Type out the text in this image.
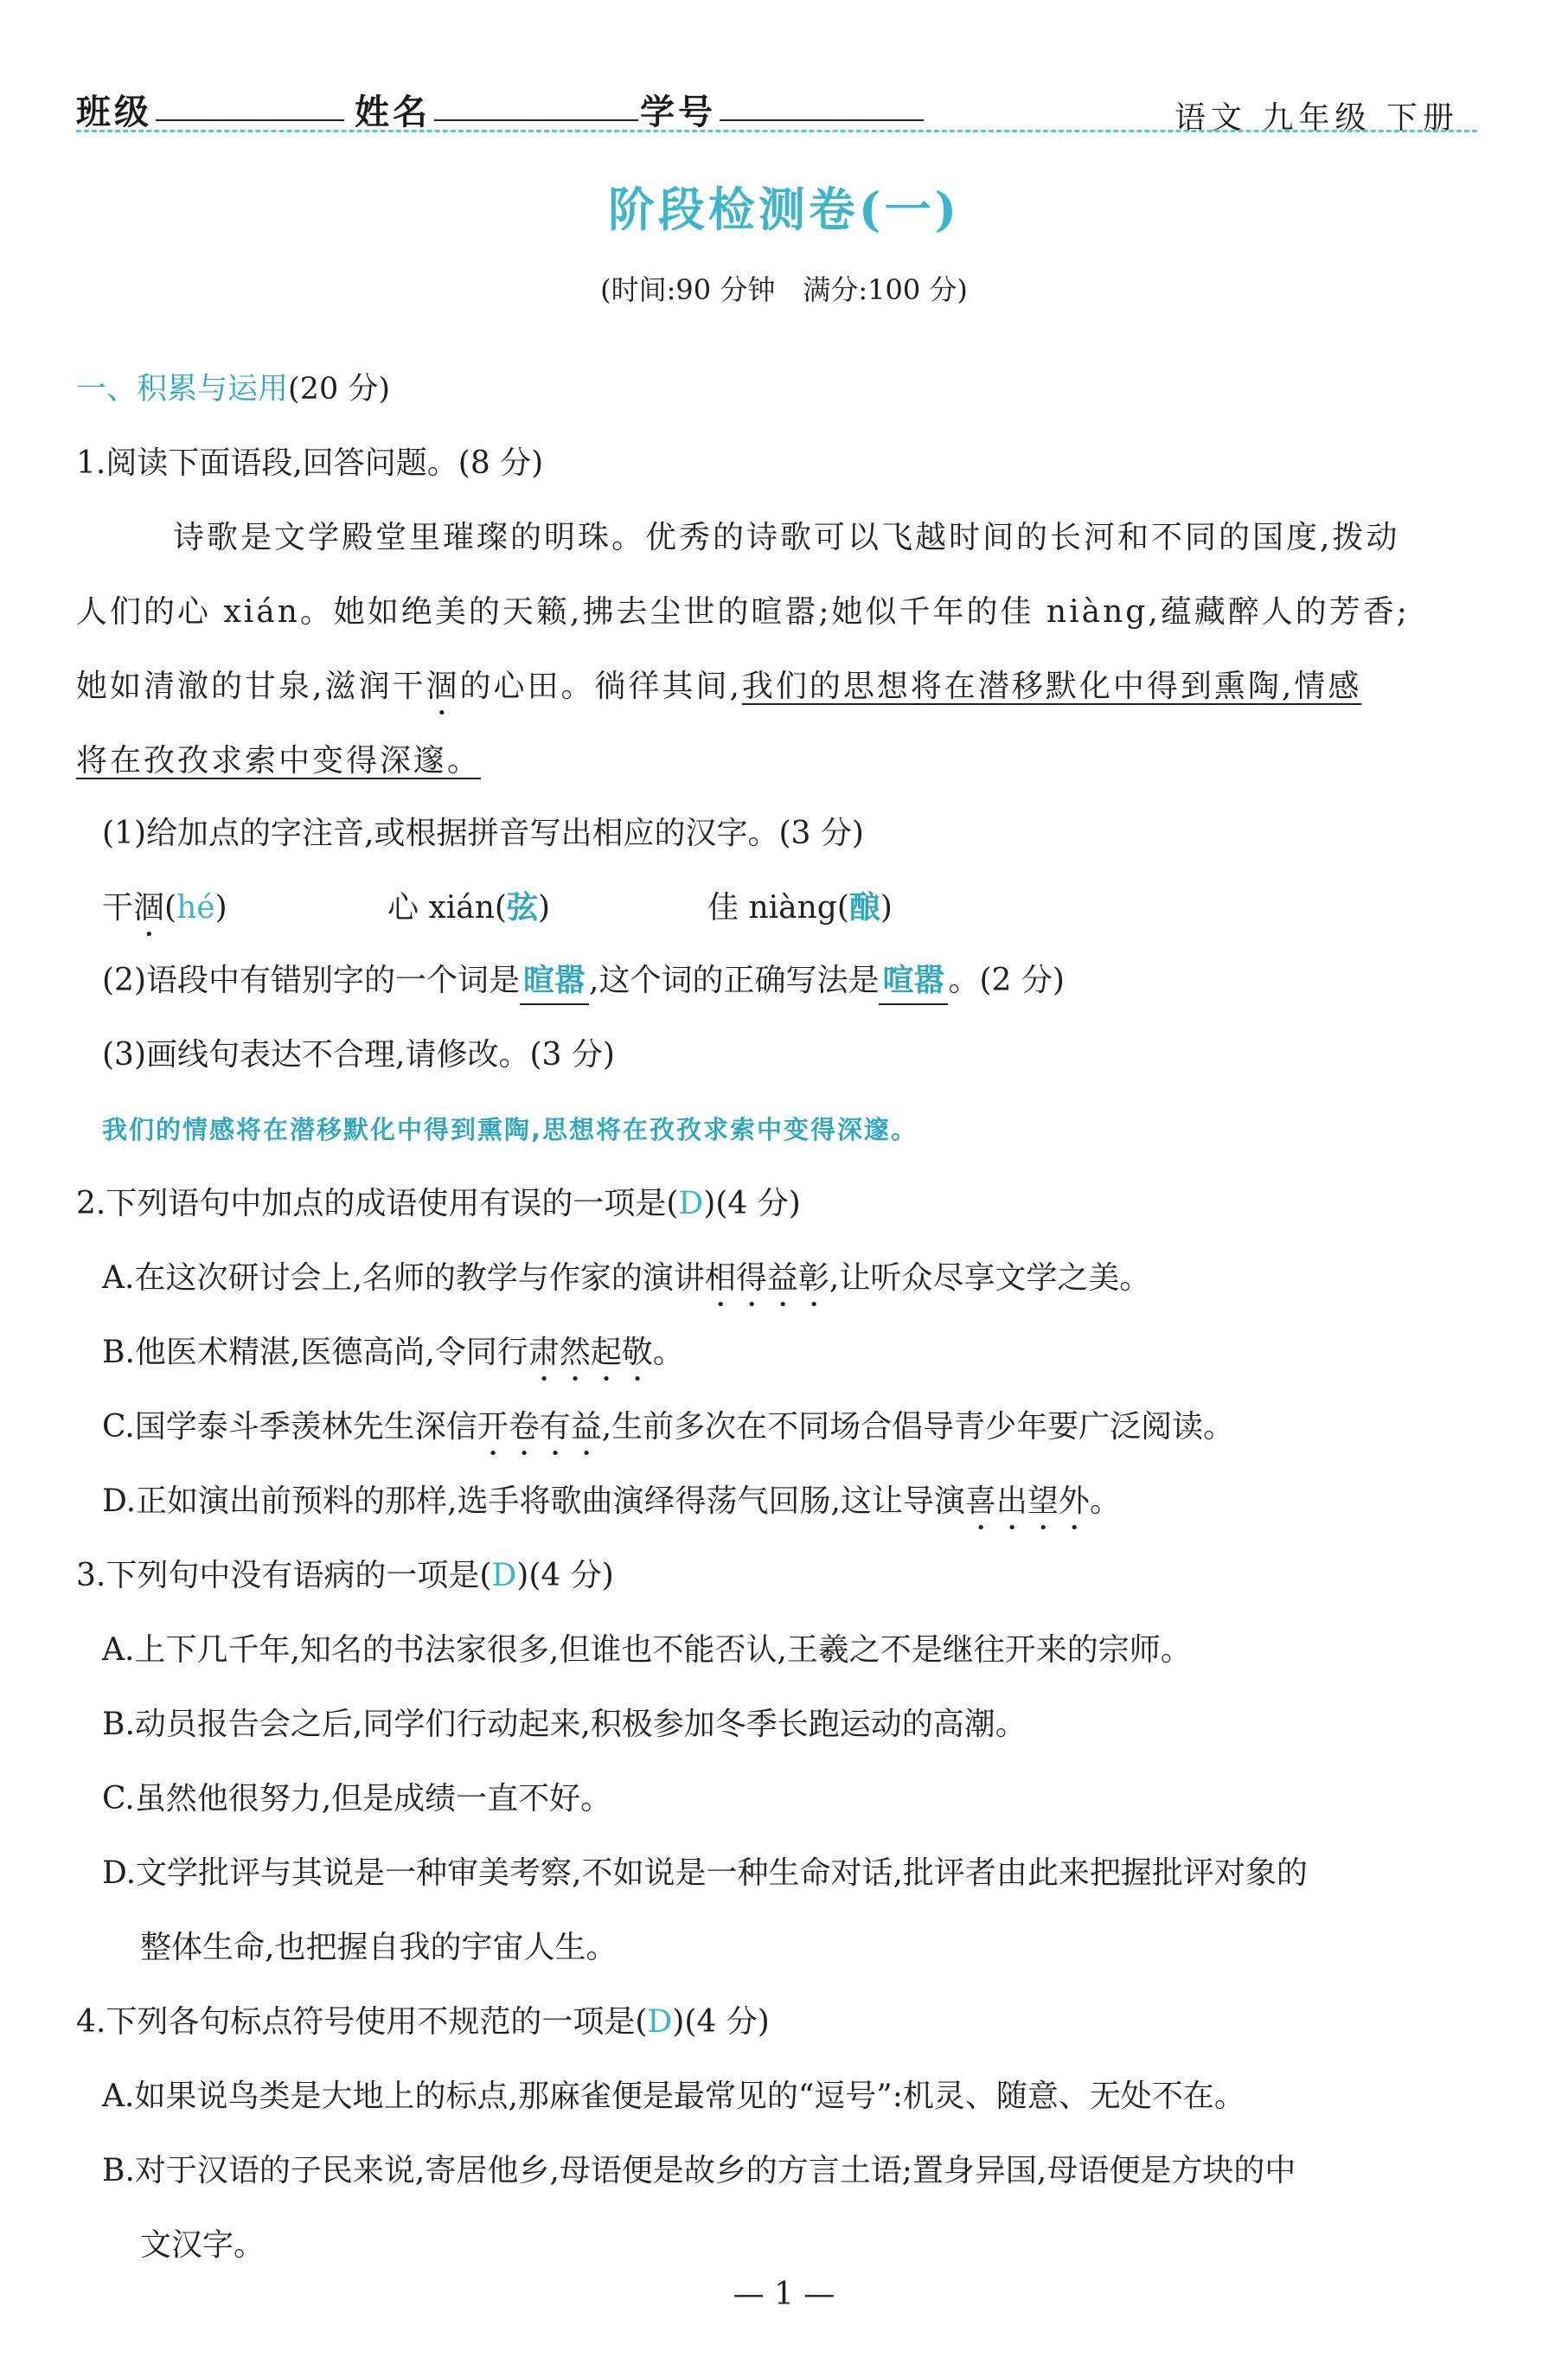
班级	姓名	学号	语文 九年级 下册
阶段检测卷(一)
(时间:90 分钟　满分:100 分)
一、积累与运用(20 分)
1.阅读下面语段,回答问题。(8 分)
诗歌是文学殿堂里璀璨的明珠。优秀的诗歌可以飞越时间的长河和不同的国度,拨动
人们的心 xián。她如绝美的天籁,拂去尘世的暄嚣;她似千年的佳 niàng,蕴藏醉人的芳香;
她如清澈的甘泉,滋润干涸的心田。徜徉其间,我们的思想将在潜移默化中得到熏陶,情感
将在孜孜求索中变得深邃。
(1)给加点的字注音,或根据拼音写出相应的汉字。(3 分)
干涸(hé)	心 xián(弦)	佳 niàng(酿)
(2)语段中有错别字的一个词是 暄嚣 ,这个词的正确写法是 喧嚣 。(2 分)
(3)画线句表达不合理,请修改。(3 分)
我们的情感将在潜移默化中得到熏陶,思想将在孜孜求索中变得深邃。
2.下列语句中加点的成语使用有误的一项是(D)(4 分)
A.在这次研讨会上,名师的教学与作家的演讲相得益彰,让听众尽享文学之美。
B.他医术精湛,医德高尚,令同行肃然起敬。
C.国学泰斗季羡林先生深信开卷有益,生前多次在不同场合倡导青少年要广泛阅读。
D.正如演出前预料的那样,选手将歌曲演绎得荡气回肠,这让导演喜出望外。
3.下列句中没有语病的一项是(D)(4 分)
A.上下几千年,知名的书法家很多,但谁也不能否认,王羲之不是继往开来的宗师。
B.动员报告会之后,同学们行动起来,积极参加冬季长跑运动的高潮。
C.虽然他很努力,但是成绩一直不好。
D.文学批评与其说是一种审美考察,不如说是一种生命对话,批评者由此来把握批评对象的
整体生命,也把握自我的宇宙人生。
4.下列各句标点符号使用不规范的一项是(D)(4 分)
A.如果说鸟类是大地上的标点,那麻雀便是最常见的“逗号”:机灵、随意、无处不在。
B.对于汉语的子民来说,寄居他乡,母语便是故乡的方言土语;置身异国,母语便是方块的中
文汉字。
— 1 —
